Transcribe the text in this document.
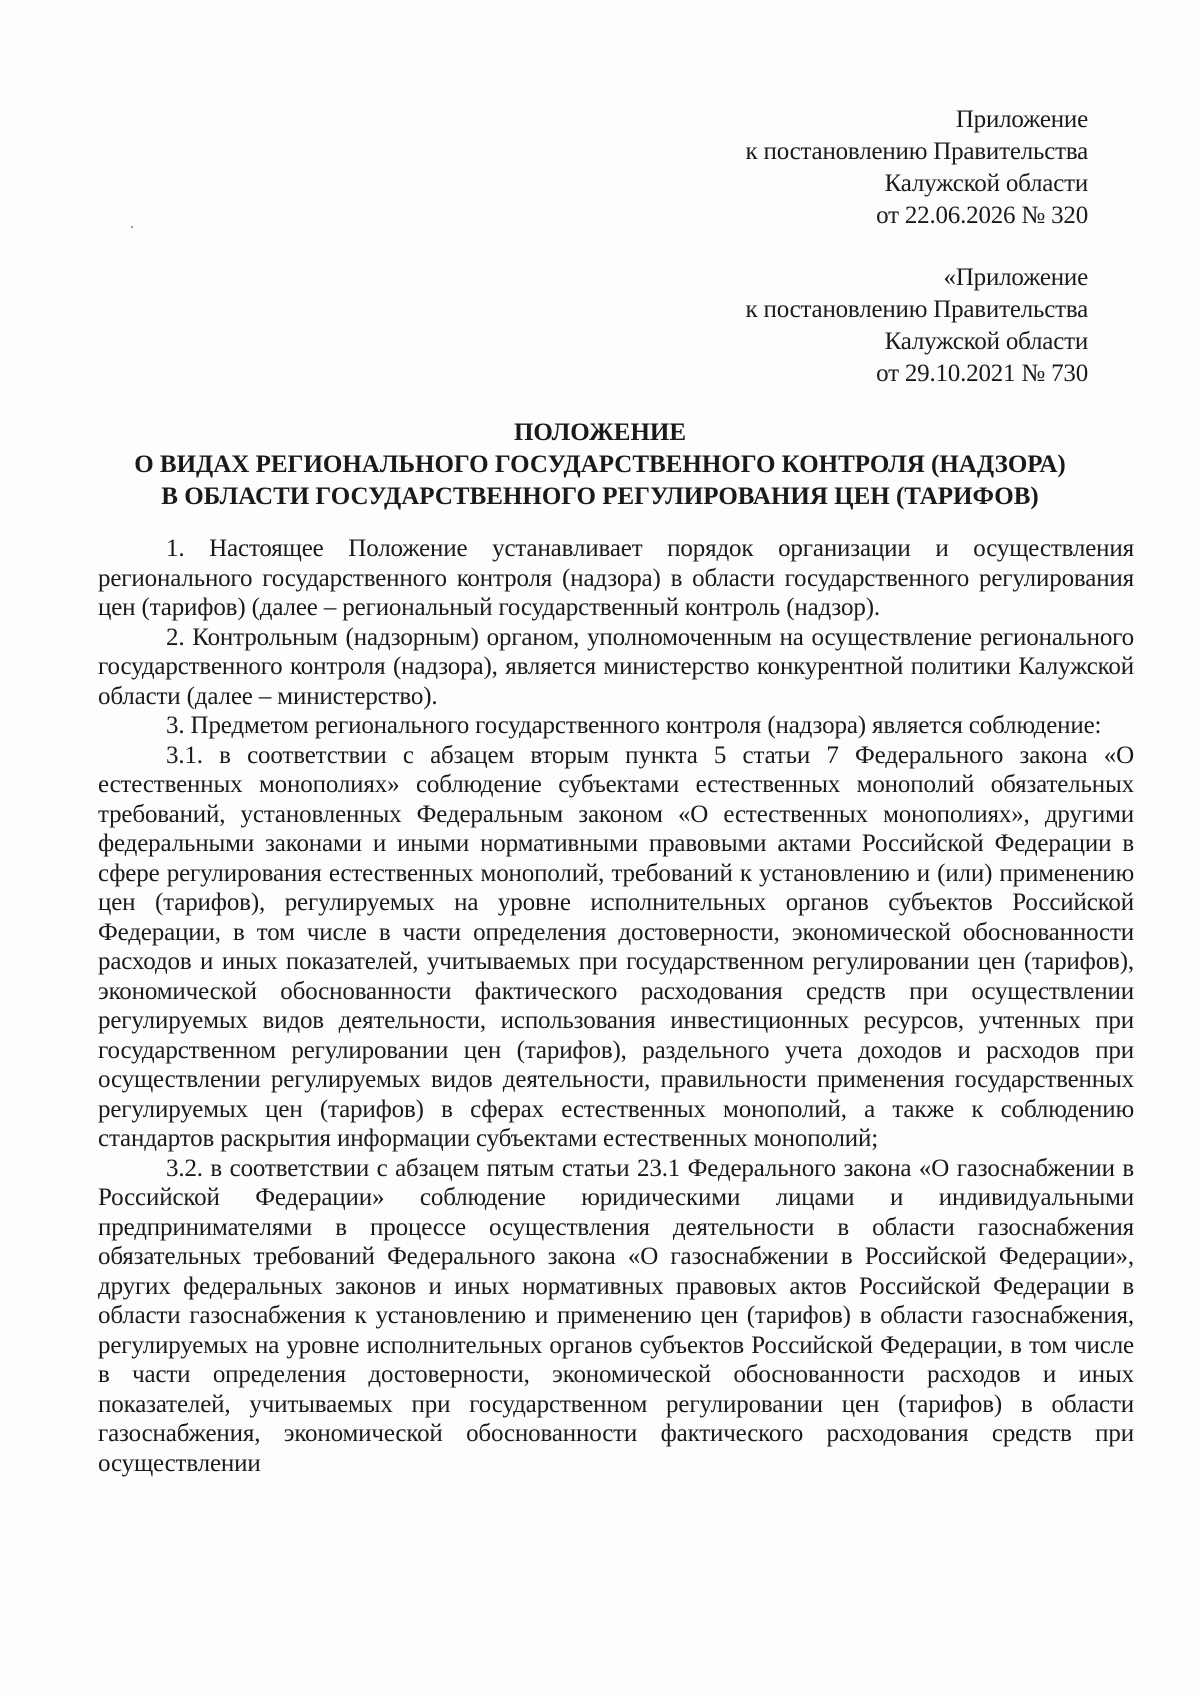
Приложение
к постановлению Правительства
Калужской области
от 22.06.2026 № 320
«Приложение
к постановлению Правительства
Калужской области
от 29.10.2021 № 730
ПОЛОЖЕНИЕ
О ВИДАХ РЕГИОНАЛЬНОГО ГОСУДАРСТВЕННОГО КОНТРОЛЯ (НАДЗОРА)
В ОБЛАСТИ ГОСУДАРСТВЕННОГО РЕГУЛИРОВАНИЯ ЦЕН (ТАРИФОВ)

1. Настоящее Положение устанавливает порядок организации и осуществления регионального государственного контроля (надзора) в области государственного регулирования цен (тарифов) (далее – региональный государственный контроль (надзор).

2. Контрольным (надзорным) органом, уполномоченным на осуществление регионального государственного контроля (надзора), является министерство конкурентной политики Калужской области (далее – министерство).

3. Предметом регионального государственного контроля (надзора) является соблюдение:

3.1. в соответствии с абзацем вторым пункта 5 статьи 7 Федерального закона «О естественных монополиях» соблюдение субъектами естественных монополий обязательных требований, установленных Федеральным законом «О естественных монополиях», другими федеральными законами и иными нормативными правовыми актами Российской Федерации в сфере регулирования естественных монополий, требований к установлению и (или) применению цен (тарифов), регулируемых на уровне исполнительных органов субъектов Российской Федерации, в том числе в части определения достоверности, экономической обоснованности расходов и иных показателей, учитываемых при государственном регулировании цен (тарифов), экономической обоснованности фактического расходования средств при осуществлении регулируемых видов деятельности, использования инвестиционных ресурсов, учтенных при государственном регулировании цен (тарифов), раздельного учета доходов и расходов при осуществлении регулируемых видов деятельности, правильности применения государственных регулируемых цен (тарифов) в сферах естественных монополий, а также к соблюдению стандартов раскрытия информации субъектами естественных монополий;

3.2. в соответствии с абзацем пятым статьи 23.1 Федерального закона «О газоснабжении в Российской Федерации» соблюдение юридическими лицами и индивидуальными предпринимателями в процессе осуществления деятельности в области газоснабжения обязательных требований Федерального закона «О газоснабжении в Российской Федерации», других федеральных законов и иных нормативных правовых актов Российской Федерации в области газоснабжения к установлению и применению цен (тарифов) в области газоснабжения, регулируемых на уровне исполнительных органов субъектов Российской Федерации, в том числе в части определения достоверности, экономической обоснованности расходов и иных показателей, учитываемых при государственном регулировании цен (тарифов) в области газоснабжения, экономической обоснованности фактического расходования средств при осуществлении
